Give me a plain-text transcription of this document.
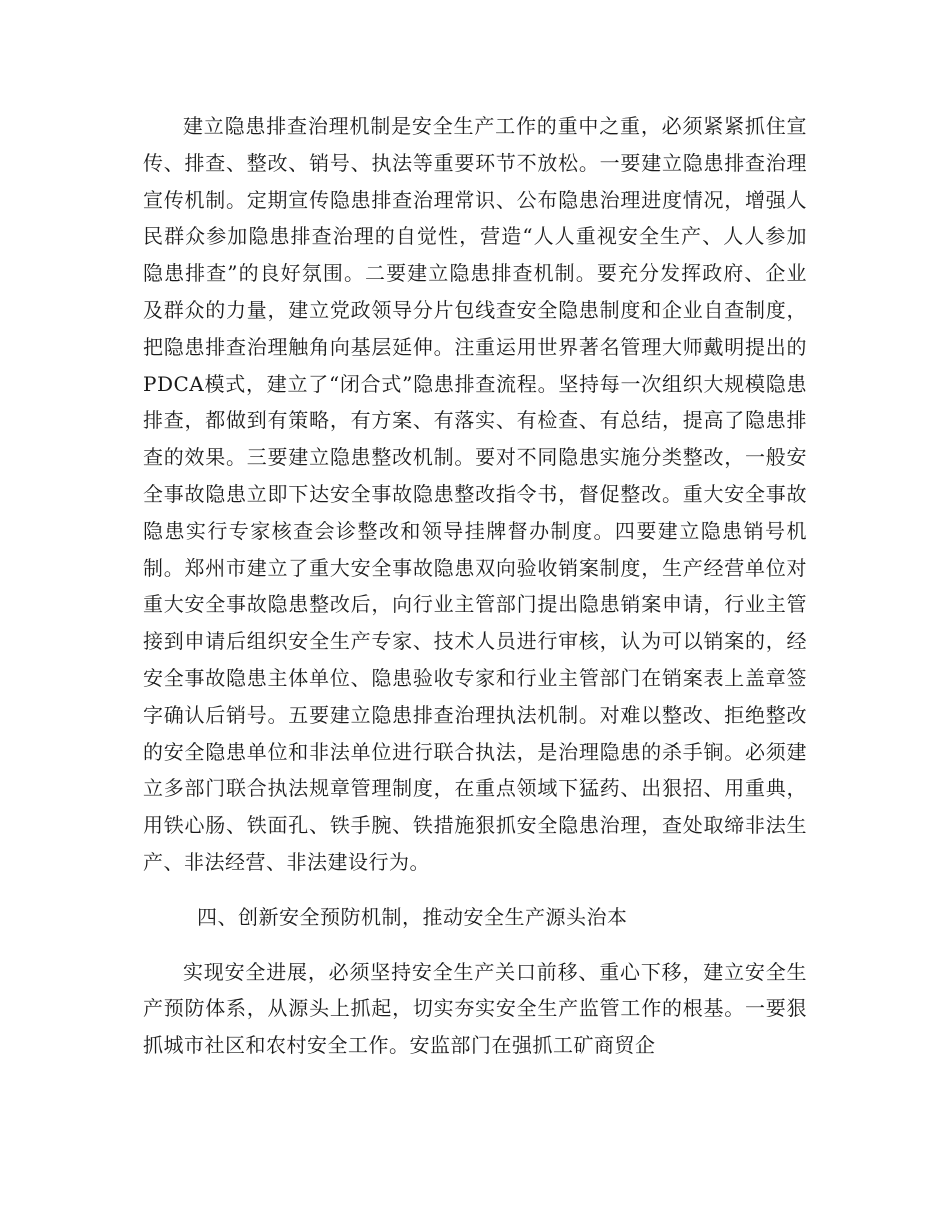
建立隐患排查治理机制是安全生产工作的重中之重，必须紧紧抓住宣传、排查、整改、销号、执法等重要环节不放松。一要建立隐患排查治理宣传机制。定期宣传隐患排查治理常识、公布隐患治理进度情况，增强人民群众参加隐患排查治理的自觉性，营造“人人重视安全生产、人人参加隐患排查”的良好氛围。二要建立隐患排查机制。要充分发挥政府、企业及群众的力量，建立党政领导分片包线查安全隐患制度和企业自查制度，把隐患排查治理触角向基层延伸。注重运用世界著名管理大师戴明提出的PDCA模式，建立了“闭合式”隐患排查流程。坚持每一次组织大规模隐患排查，都做到有策略，有方案、有落实、有检查、有总结，提高了隐患排查的效果。三要建立隐患整改机制。要对不同隐患实施分类整改，一般安全事故隐患立即下达安全事故隐患整改指令书，督促整改。重大安全事故隐患实行专家核查会诊整改和领导挂牌督办制度。四要建立隐患销号机制。郑州市建立了重大安全事故隐患双向验收销案制度，生产经营单位对重大安全事故隐患整改后，向行业主管部门提出隐患销案申请，行业主管接到申请后组织安全生产专家、技术人员进行审核，认为可以销案的，经安全事故隐患主体单位、隐患验收专家和行业主管部门在销案表上盖章签字确认后销号。五要建立隐患排查治理执法机制。对难以整改、拒绝整改的安全隐患单位和非法单位进行联合执法，是治理隐患的杀手锏。必须建立多部门联合执法规章管理制度，在重点领域下猛药、出狠招、用重典，用铁心肠、铁面孔、铁手腕、铁措施狠抓安全隐患治理，查处取缔非法生产、非法经营、非法建设行为。

四、创新安全预防机制，推动安全生产源头治本

实现安全进展，必须坚持安全生产关口前移、重心下移，建立安全生产预防体系，从源头上抓起，切实夯实安全生产监管工作的根基。一要狠抓城市社区和农村安全工作。安监部门在强抓工矿商贸企
